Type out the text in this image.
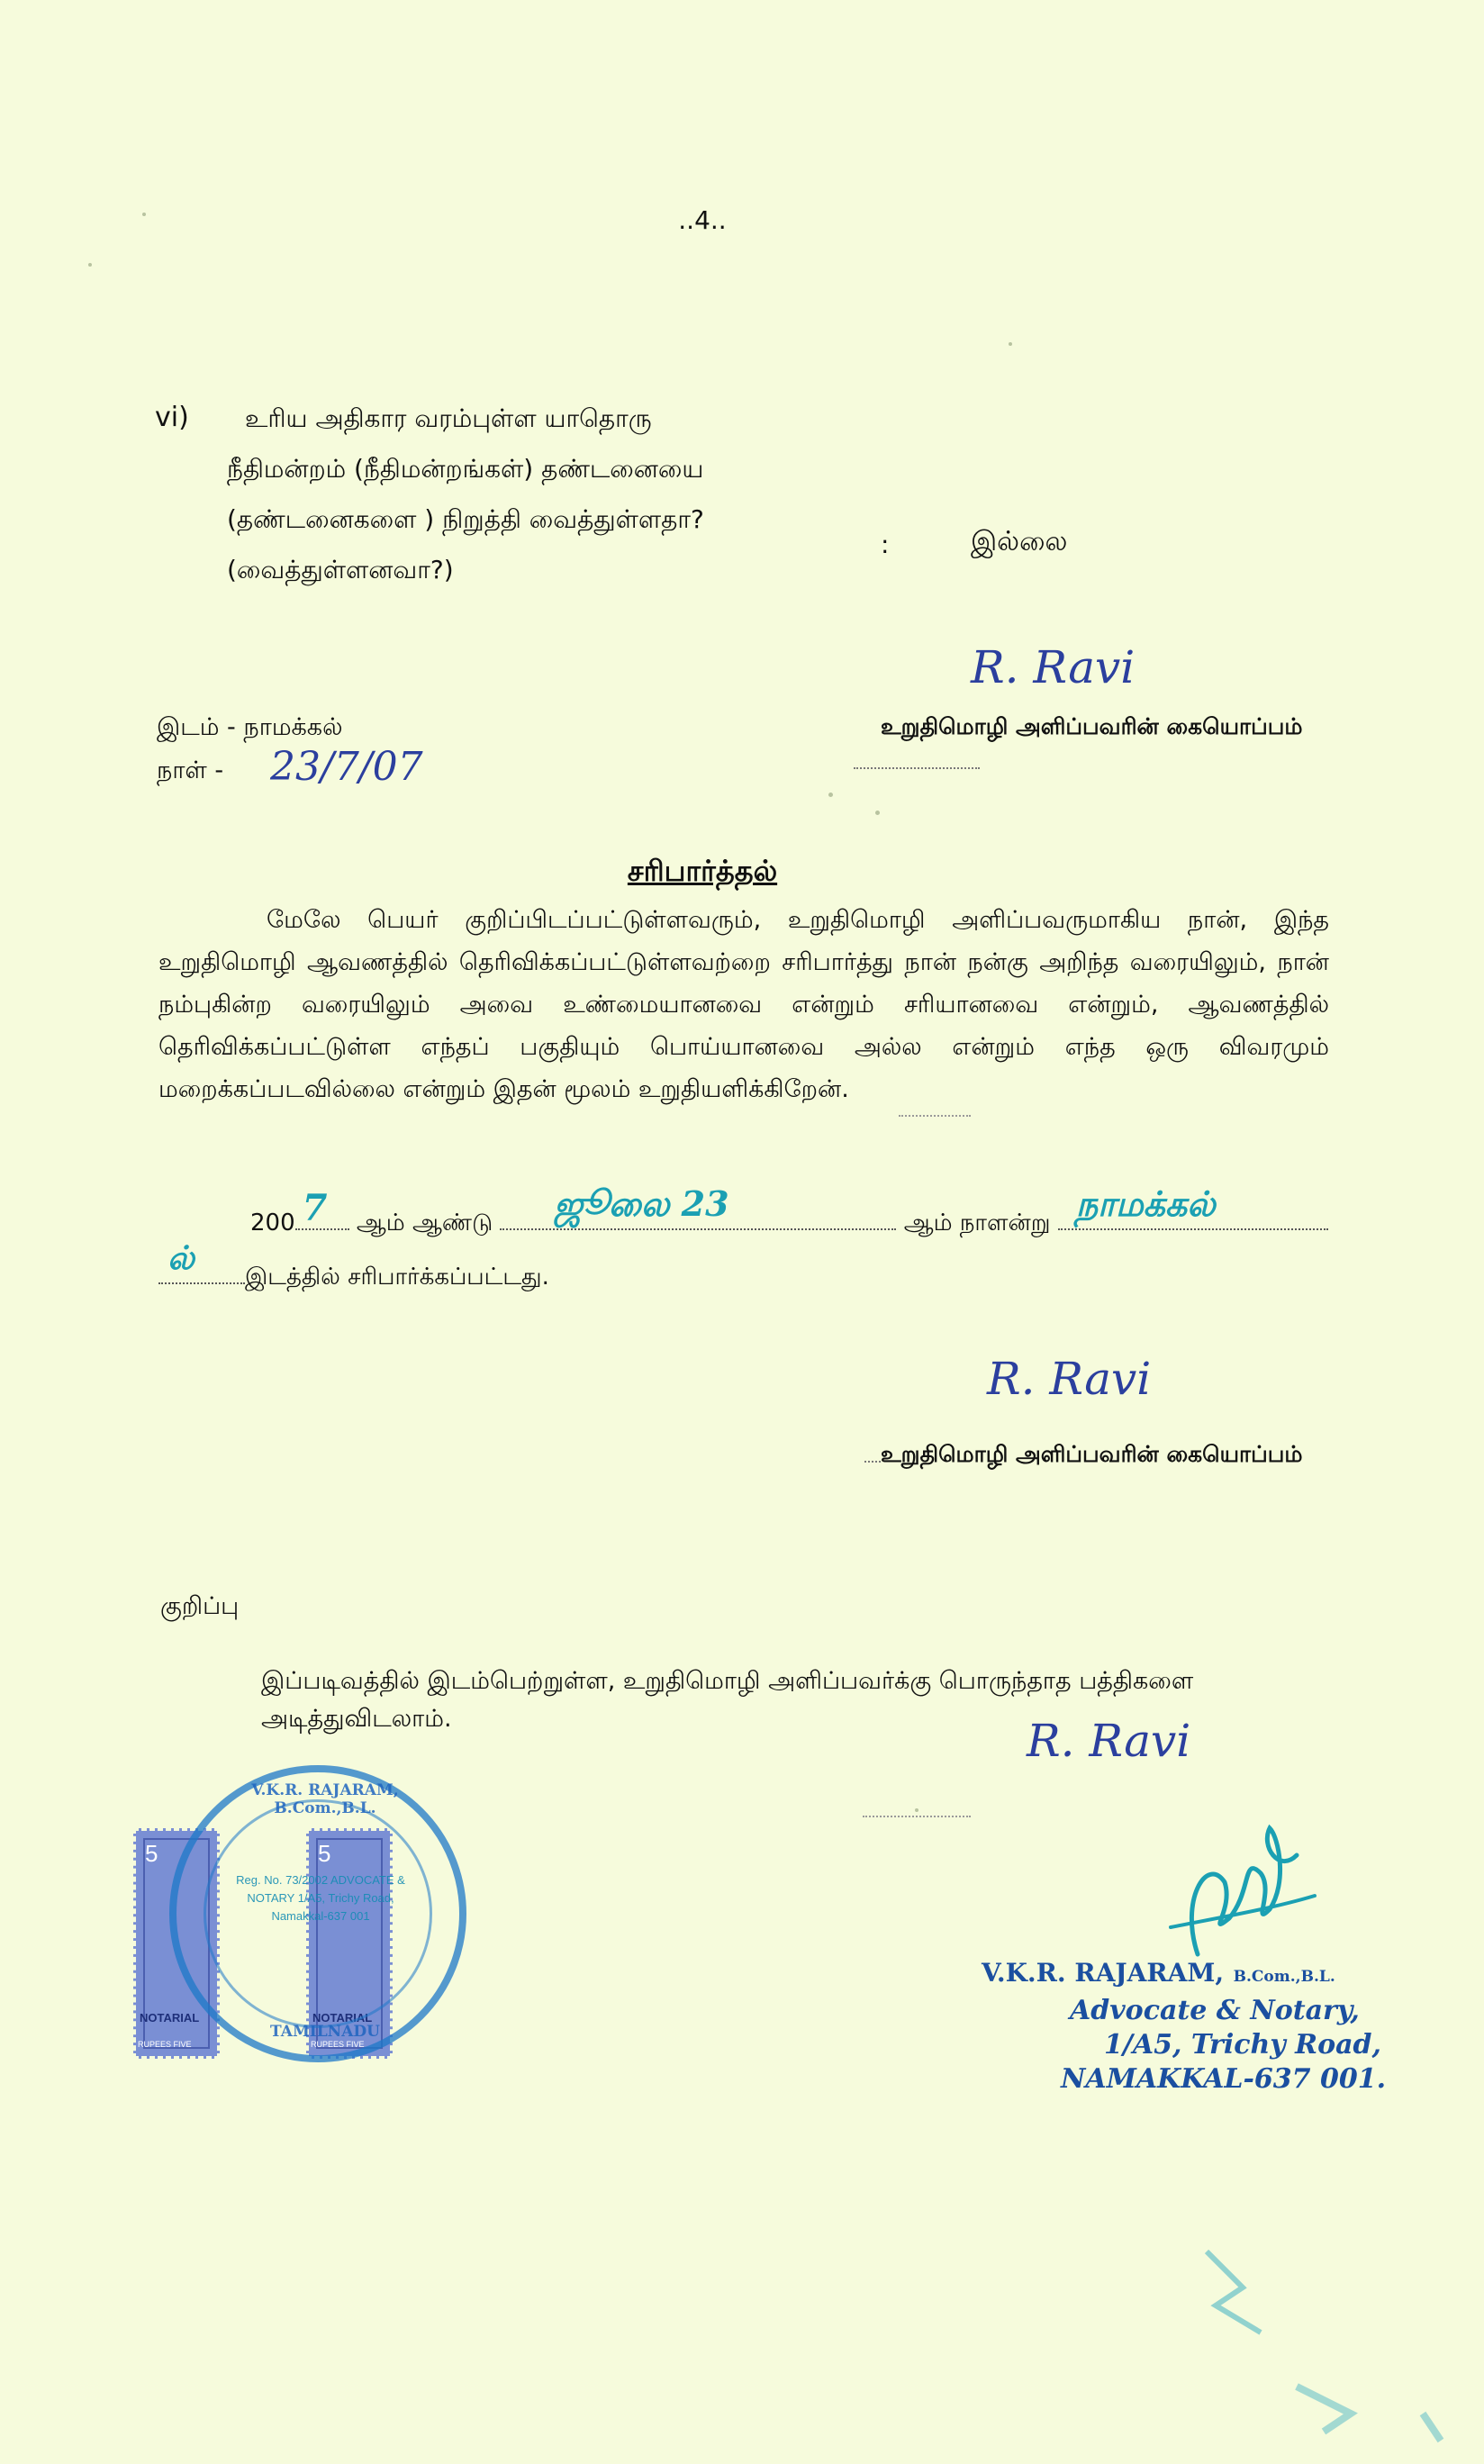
..4..
vi) உரிய அதிகார வரம்புள்ள யாதொரு
நீதிமன்றம் (நீதிமன்றங்கள்) தண்டனையை
(தண்டனைகளை ) நிறுத்தி வைத்துள்ளதா?
(வைத்துள்ளனவா?)
:	இல்லை
R. Ravi
உறுதிமொழி அளிப்பவரின் கையொப்பம்
இடம் - நாமக்கல்
நாள் - 23/7/07
சரிபார்த்தல்
மேலே பெயர் குறிப்பிடப்பட்டுள்ளவரும், உறுதிமொழி அளிப்பவருமாகிய நான், இந்த உறுதிமொழி ஆவணத்தில் தெரிவிக்கப்பட்டுள்ளவற்றை சரிபார்த்து நான் நன்கு அறிந்த வரையிலும், நான் நம்புகின்ற வரையிலும் அவை உண்மையானவை என்றும் சரியானவை என்றும், ஆவணத்தில் தெரிவிக்கப்பட்டுள்ள எந்தப் பகுதியும் பொய்யானவை அல்ல என்றும் எந்த ஒரு விவரமும் மறைக்கப்படவில்லை என்றும் இதன் மூலம் உறுதியளிக்கிறேன்.
200 7 ஆம் ஆண்டு ஜூலை 23	ஆம் நாளன்று நாமக்கல்
ல் இடத்தில் சரிபார்க்கப்பட்டது.
R. Ravi
உறுதிமொழி அளிப்பவரின் கையொப்பம்
குறிப்பு
இப்படிவத்தில் இடம்பெற்றுள்ள, உறுதிமொழி அளிப்பவர்க்கு பொருந்தாத பத்திகளை அடித்துவிடலாம்.	R. Ravi
5
NOTARIAL
RUPEES FIVE
5
NOTARIAL
RUPEES FIVE
V.K.R. RAJARAM, B.Com.,B.L.
Reg. No. 73/2002 ADVOCATE & NOTARY 1/A5, Trichy Road, Namakkal-637 001
TAMILNADU
V.K.R. RAJARAM, B.Com.,B.L.
Advocate & Notary,
1/A5, Trichy Road,
NAMAKKAL-637 001.
